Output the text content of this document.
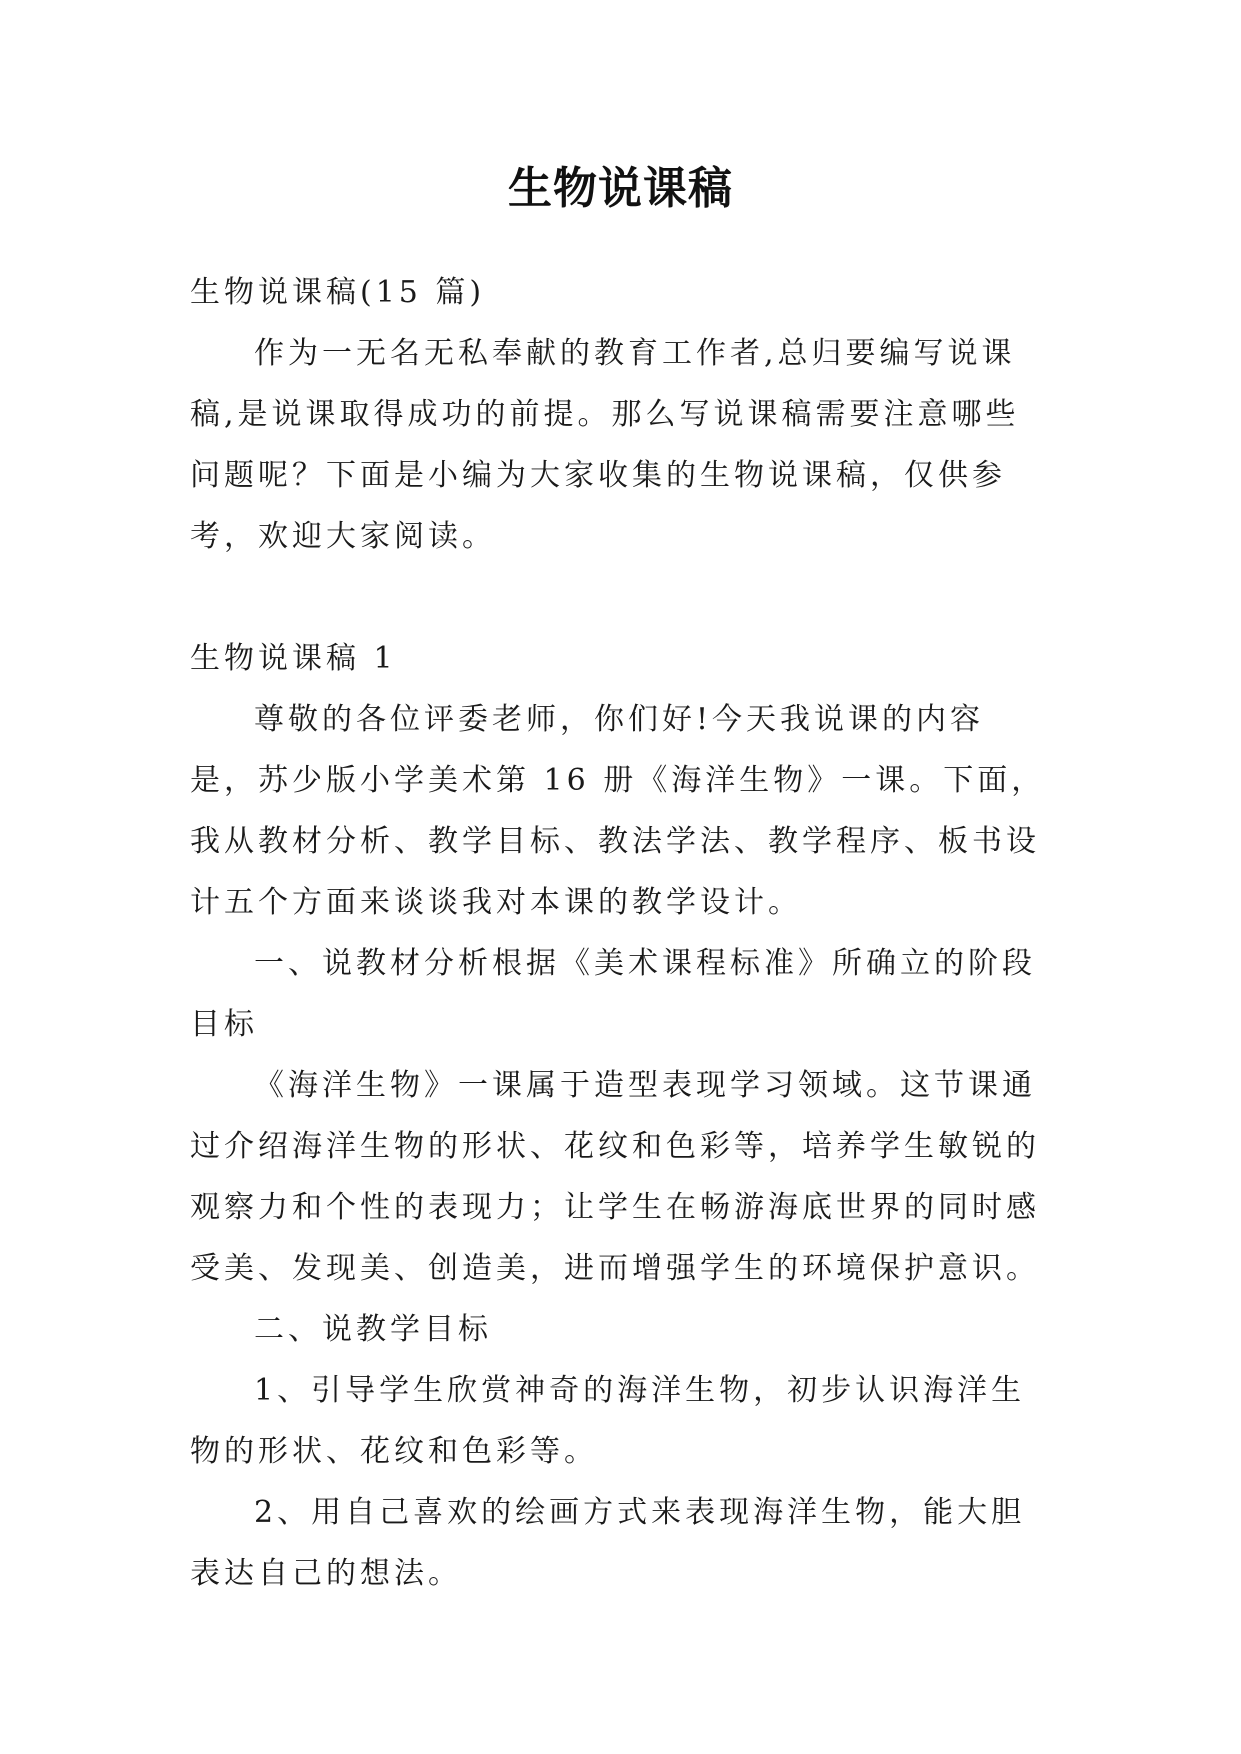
生物说课稿

生物说课稿(15 篇)

作为一无名无私奉献的教育工作者,总归要编写说课稿,是说课取得成功的前提。那么写说课稿需要注意哪些问题呢？下面是小编为大家收集的生物说课稿，仅供参考，欢迎大家阅读。

生物说课稿 1

尊敬的各位评委老师，你们好!今天我说课的内容是，苏少版小学美术第 16 册《海洋生物》一课。下面，我从教材分析、教学目标、教法学法、教学程序、板书设计五个方面来谈谈我对本课的教学设计。

一、说教材分析根据《美术课程标准》所确立的阶段目标

《海洋生物》一课属于造型表现学习领域。这节课通过介绍海洋生物的形状、花纹和色彩等，培养学生敏锐的观察力和个性的表现力；让学生在畅游海底世界的同时感受美、发现美、创造美，进而增强学生的环境保护意识。

二、说教学目标

1、引导学生欣赏神奇的海洋生物，初步认识海洋生物的形状、花纹和色彩等。

2、用自己喜欢的绘画方式来表现海洋生物，能大胆表达自己的想法。
